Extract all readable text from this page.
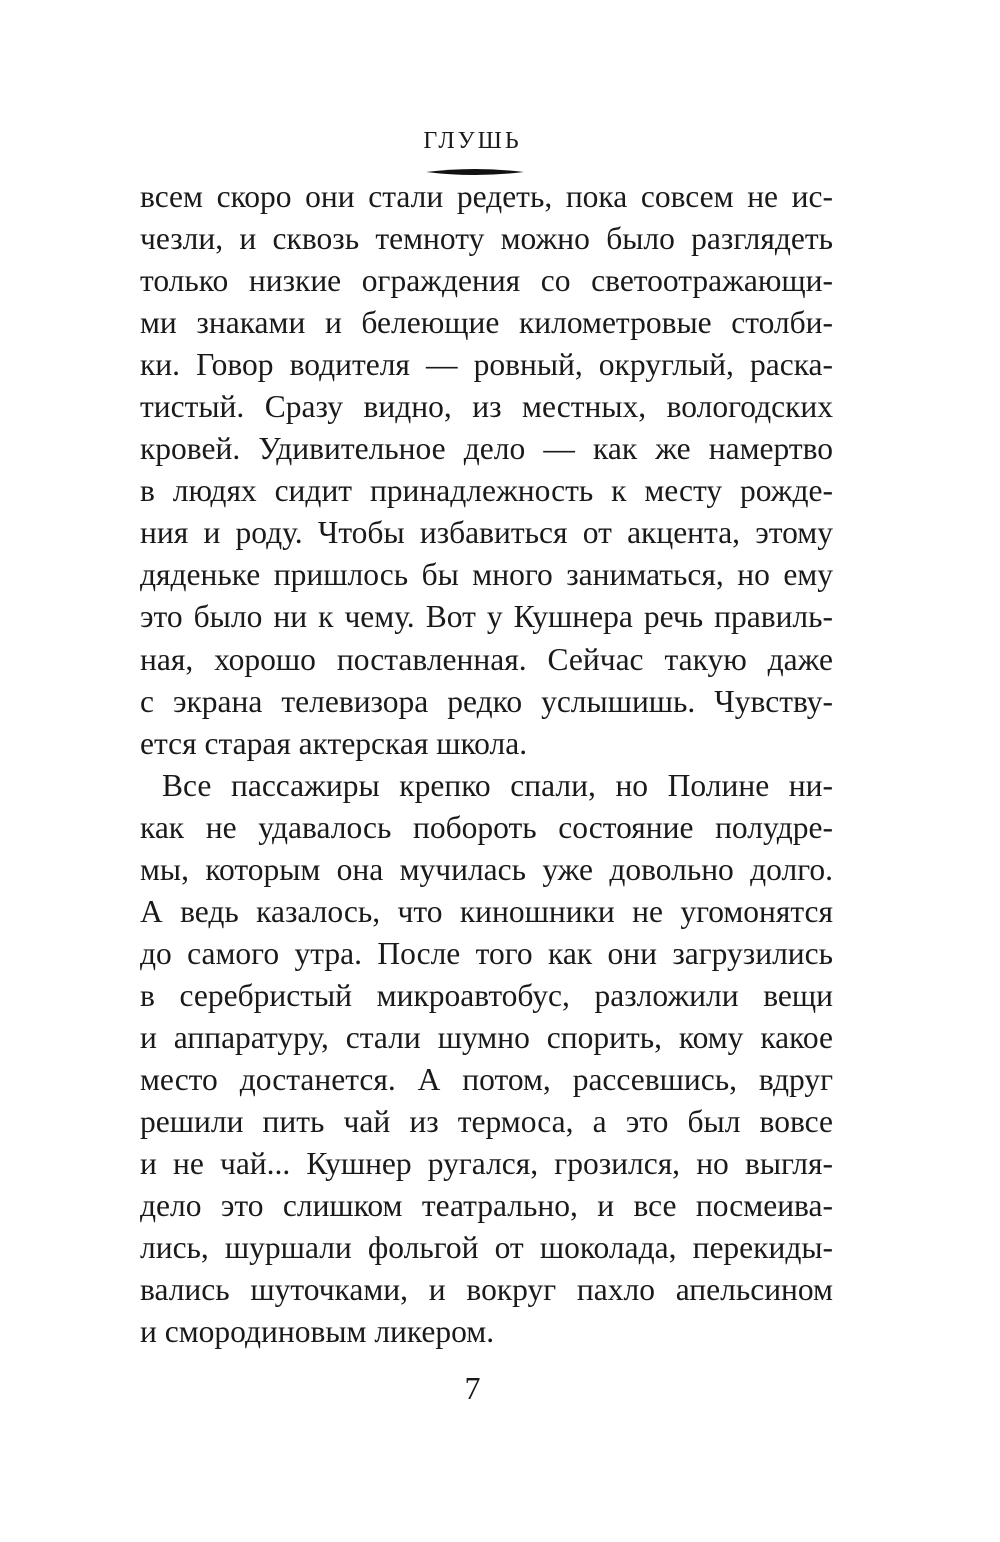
ГЛУШЬ
всем скоро они стали редеть, пока совсем не ис-
чезли, и сквозь темноту можно было разглядеть
только низкие ограждения со светоотражающи-
ми знаками и белеющие километровые столби-
ки. Говор водителя — ровный, округлый, раска-
тистый. Сразу видно, из местных, вологодских
кровей. Удивительное дело — как же намертво
в людях сидит принадлежность к месту рожде-
ния и роду. Чтобы избавиться от акцента, этому
дяденьке пришлось бы много заниматься, но ему
это было ни к чему. Вот у Кушнера речь правиль-
ная, хорошо поставленная. Сейчас такую даже
с экрана телевизора редко услышишь. Чувству-
ется старая актерская школа.
Все пассажиры крепко спали, но Полине ни-
как не удавалось побороть состояние полудре-
мы, которым она мучилась уже довольно долго.
А ведь казалось, что киношники не угомонятся
до самого утра. После того как они загрузились
в серебристый микроавтобус, разложили вещи
и аппаратуру, стали шумно спорить, кому какое
место достанется. А потом, рассевшись, вдруг
решили пить чай из термоса, а это был вовсе
и не чай... Кушнер ругался, грозился, но выгля-
дело это слишком театрально, и все посмеива-
лись, шуршали фольгой от шоколада, перекиды-
вались шуточками, и вокруг пахло апельсином
и смородиновым ликером.
7
